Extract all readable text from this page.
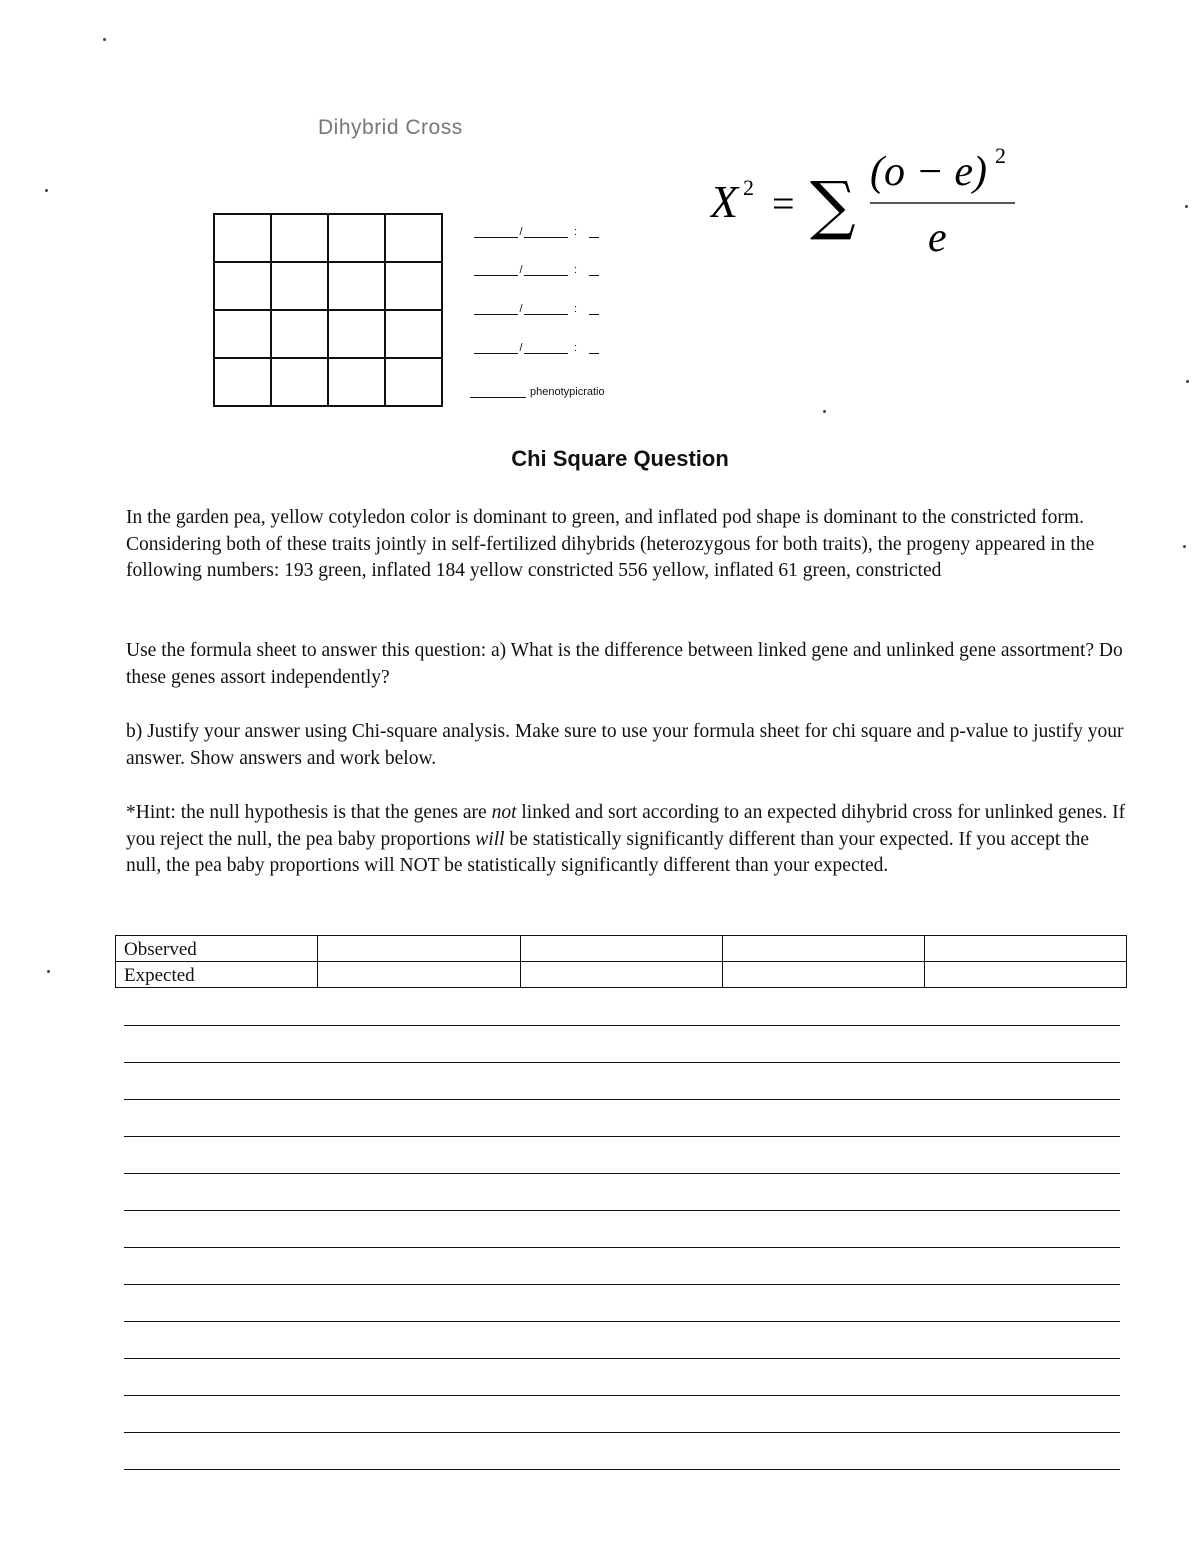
Dihybrid Cross

/	:
/	:
/	:
/	:
phenotypicratio
X 2 = ∑ (o − e) 2
e
Chi Square Question
In the garden pea, yellow cotyledon color is dominant to green, and inflated pod shape is dominant to the constricted form. Considering both of these traits jointly in self-fertilized dihybrids (heterozygous for both traits), the progeny appeared in the following numbers: 193 green, inflated 184 yellow constricted 556 yellow, inflated 61 green, constricted
Use the formula sheet to answer this question: a) What is the difference between linked gene and unlinked gene assortment? Do these genes assort independently?
b) Justify your answer using Chi-square analysis. Make sure to use your formula sheet for chi square and p-value to justify your answer. Show answers and work below.
*Hint: the null hypothesis is that the genes are not linked and sort according to an expected dihybrid cross for unlinked genes. If you reject the null, the pea baby proportions will be statistically significantly different than your expected. If you accept the null, the pea baby proportions will NOT be statistically significantly different than your expected.
Observed				
Expected				
